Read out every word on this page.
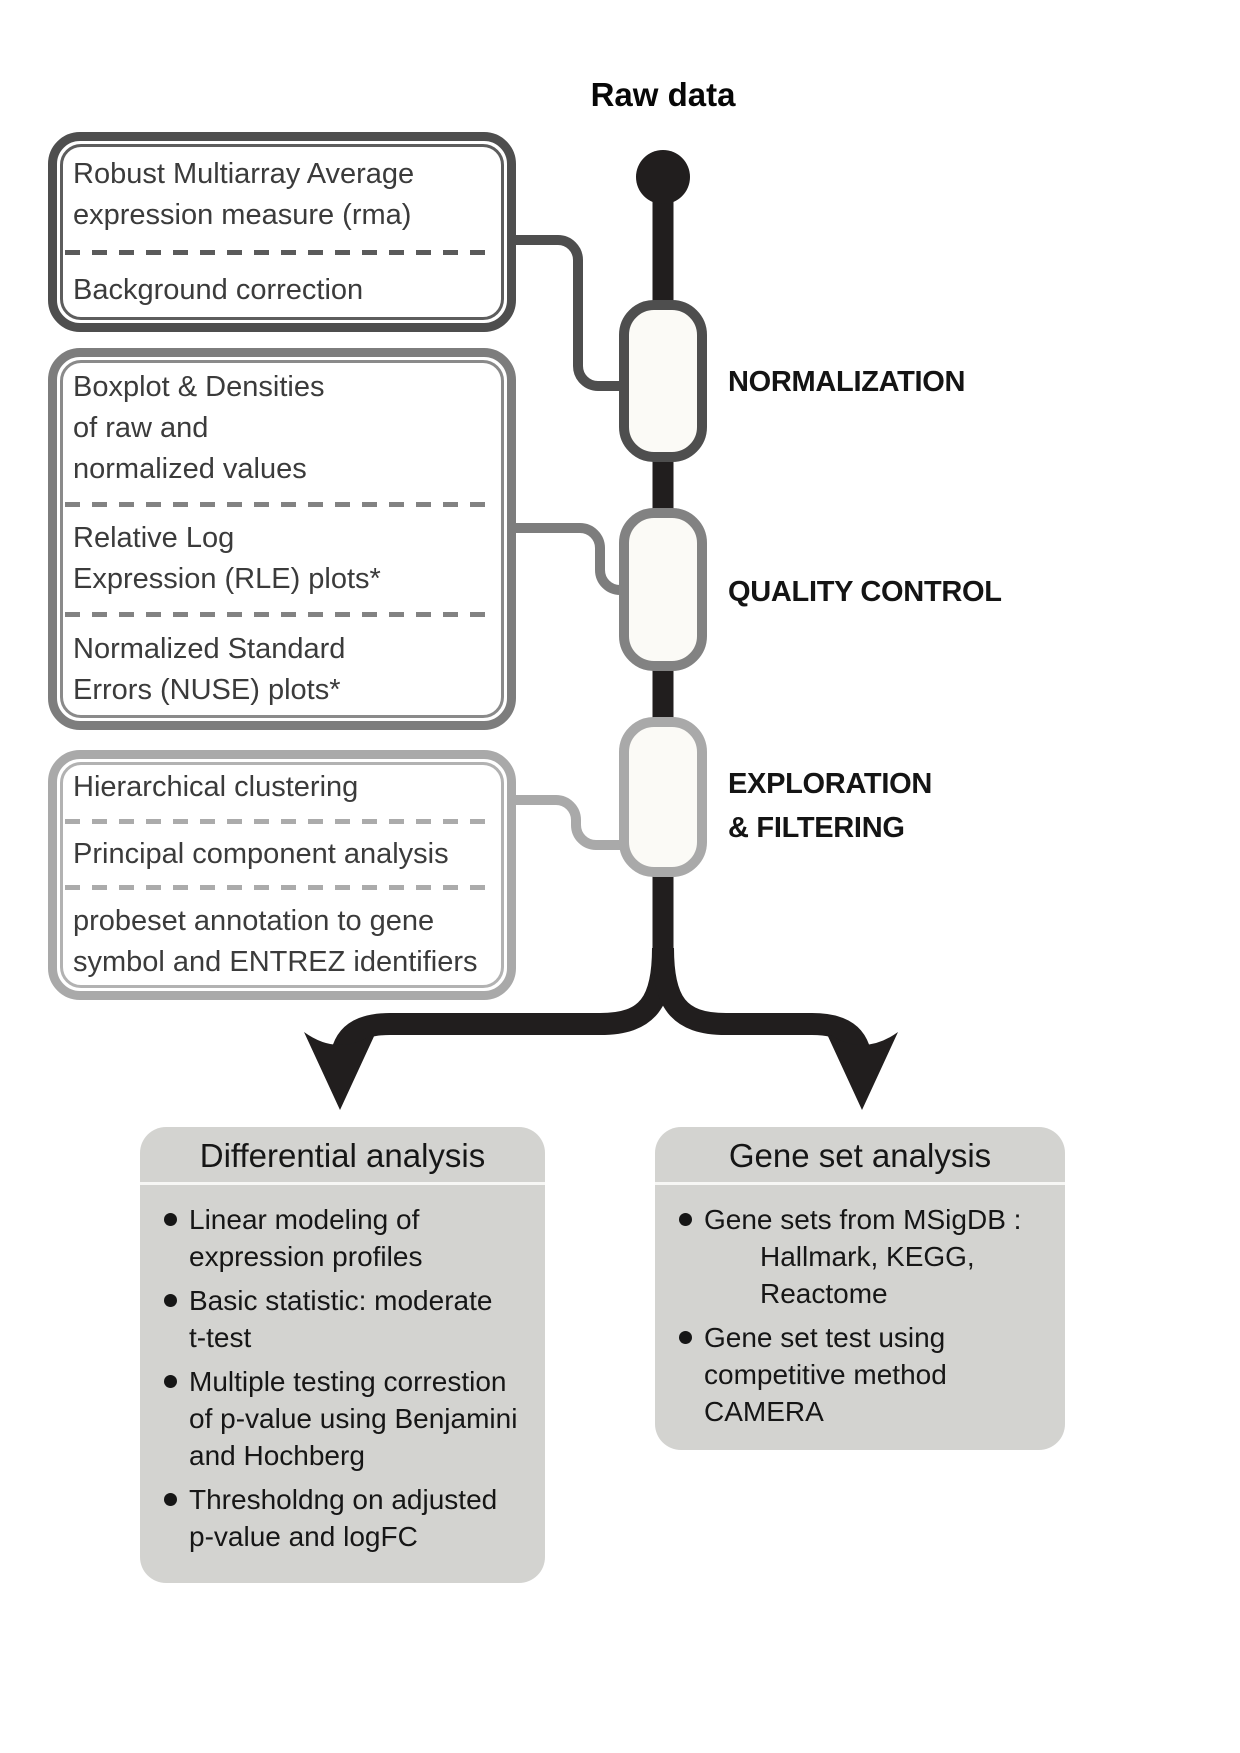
Raw data
NORMALIZATION
QUALITY CONTROL
EXPLORATION
& FILTERING
Robust Multiarray Average
expression measure (rma)
Background correction
Boxplot & Densities
of raw and
normalized values
Relative Log
Expression (RLE) plots*
Normalized Standard
Errors (NUSE) plots*
Hierarchical clustering
Principal component analysis
probeset annotation to gene
symbol and ENTREZ identifiers
Differential analysis
Linear modeling of
expression profiles
Basic statistic: moderate
t-test
Multiple testing correstion
of p-value using Benjamini
and Hochberg
Thresholdng on adjusted
p-value and logFC
Gene set analysis
Gene sets from MSigDB :
Hallmark, KEGG,
Reactome
Gene set test using
competitive method
CAMERA
